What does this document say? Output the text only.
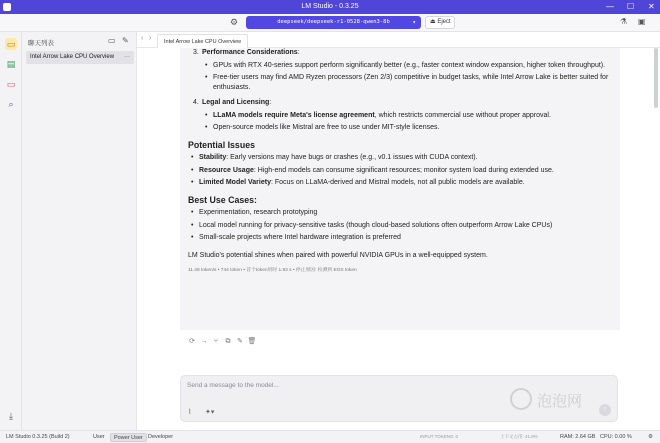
LM Studio - 0.3.25	— ☐ ✕
⚙	deepseek/deepseek-r1-0528-qwen3-8b	▾	⏏ Eject	⚗ ▣
▭
▤
▭
⌕
⤓
聊天列表	▭ ✎
Intel Arrow Lake CPU Overview ···
‹ ›	Intel Arrow Lake CPU Overview
3. Performance Considerations:
• GPUs with RTX 40-series support perform significantly better (e.g., faster context window expansion, higher token throughput).
• Free-tier users may find AMD Ryzen processors (Zen 2/3) competitive in budget tasks, while Intel Arrow Lake is better suited for enthusiasts.
4. Legal and Licensing:
• LLaMA models require Meta's license agreement, which restricts commercial use without proper approval.
• Open-source models like Mistral are free to use under MIT-style licenses.
Potential Issues
• Stability: Early versions may have bugs or crashes (e.g., v0.1 issues with CUDA context).
• Resource Usage: High-end models can consume significant resources; monitor system load during extended use.
• Limited Model Variety: Focus on LLaMA-derived and Mistral models, not all public models are available.
Best Use Cases:
• Experimentation, research prototyping
• Local model running for privacy-sensitive tasks (though cloud-based solutions often outperform Arrow Lake CPUs)
• Small-scale projects where Intel hardware integration is preferred
LM Studio's potential shines when paired with powerful NVIDIA GPUs in a well-equipped system.
11.48 token/s • 744 token • 首个token用时 1.93 s • 停止原因: 检测到 EOS token
⟳ → ⑂ ⧉ ✎ 🗑
Send a message to the model...
⌇ ✦▾	↑
泡泡网
LM Studio 0.3.25 (Build 2)	User	Power User Developer	INPUT TOKENS: 0	上下文占用: 41.8%	RAM: 2.64 GB CPU: 0.00 %	⚙
